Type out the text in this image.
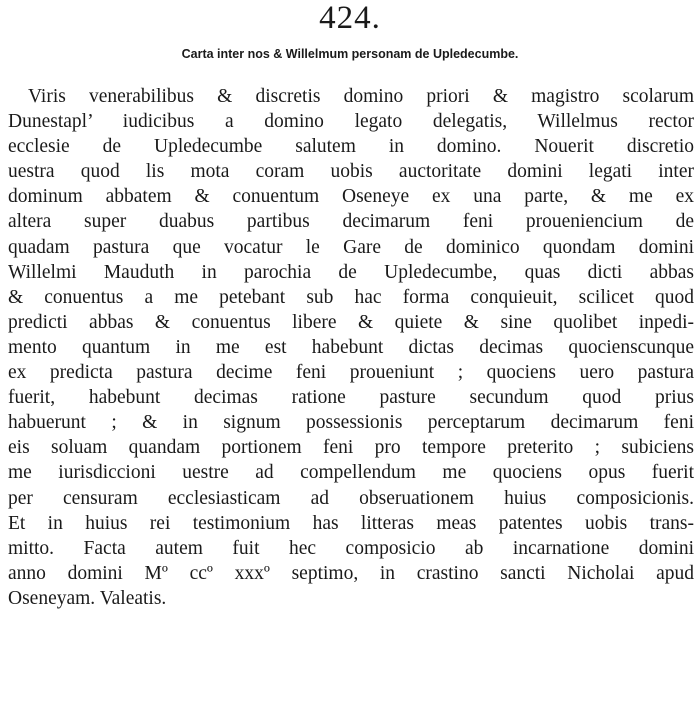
424.
Carta inter nos & Willelmum personam de Upledecumbe.
Viris venerabilibus & discretis domino priori & magistro scolarum
Dunestapl’ iudicibus a domino legato delegatis, Willelmus rector
ecclesie de Upledecumbe salutem in domino. Nouerit discretio
uestra quod lis mota coram uobis auctoritate domini legati inter
dominum abbatem & conuentum Oseneye ex una parte, & me ex
altera super duabus partibus decimarum feni proueniencium de
quadam pastura que vocatur le Gare de dominico quondam domini
Willelmi Mauduth in parochia de Upledecumbe, quas dicti abbas
& conuentus a me petebant sub hac forma conquieuit, scilicet quod
predicti abbas & conuentus libere & quiete & sine quolibet inpedi-
mento quantum in me est habebunt dictas decimas quocienscunque
ex predicta pastura decime feni proueniunt ; quociens uero pastura
fuerit, habebunt decimas ratione pasture secundum quod prius
habuerunt ; & in signum possessionis perceptarum decimarum feni
eis soluam quandam portionem feni pro tempore preterito ; subiciens
me iurisdiccioni uestre ad compellendum me quociens opus fuerit
per censuram ecclesiasticam ad obseruationem huius composicionis.
Et in huius rei testimonium has litteras meas patentes uobis trans-
mitto. Facta autem fuit hec composicio ab incarnatione domini
anno domini Mº ccº xxxº septimo, in crastino sancti Nicholai apud
Oseneyam. Valeatis.
